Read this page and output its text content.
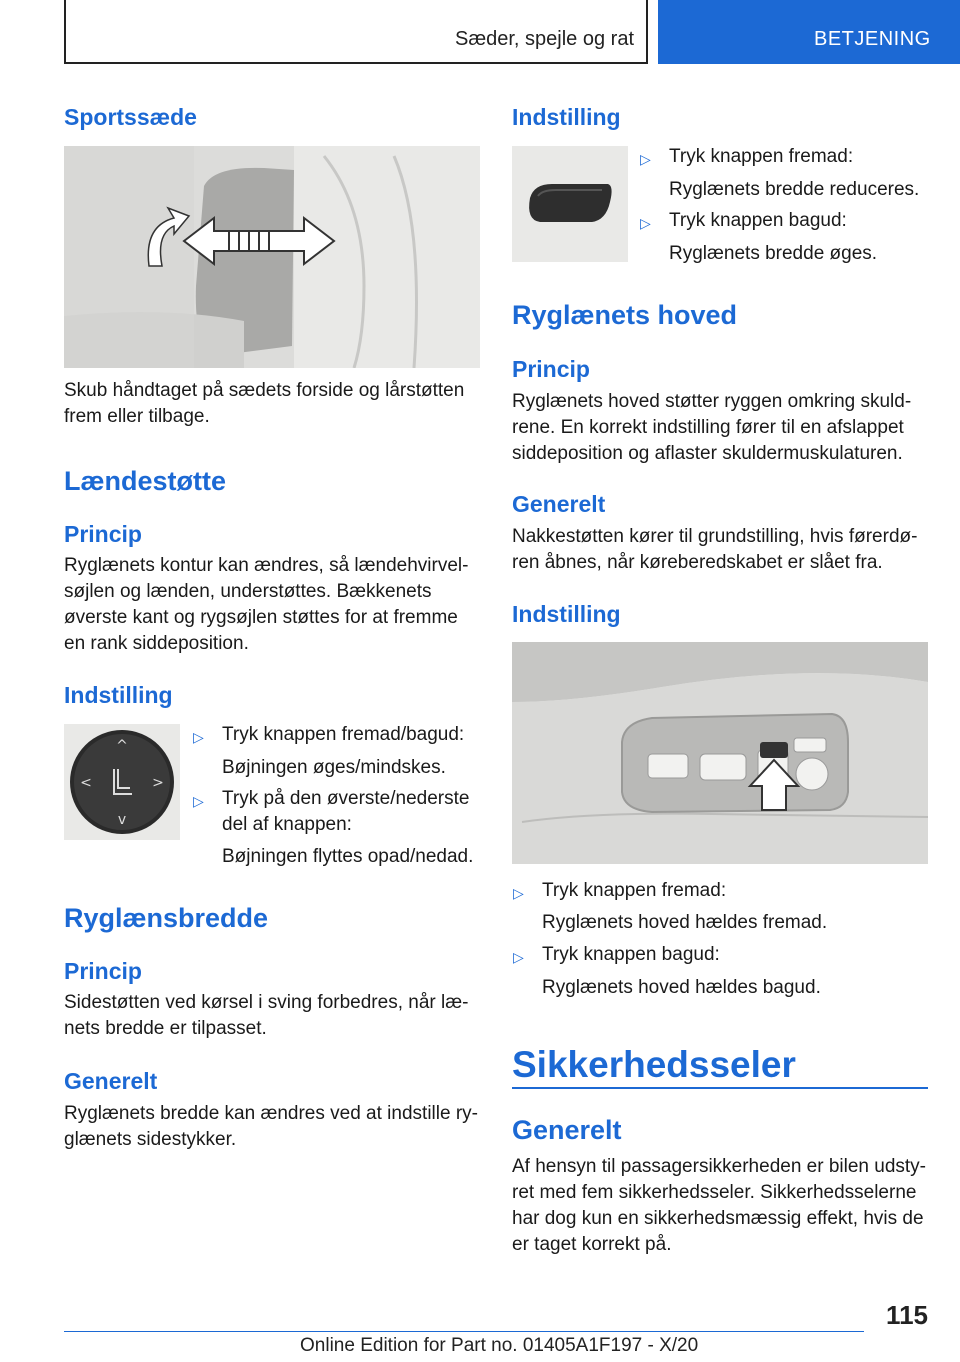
Sæder, spejle og rat	BETJENING
Sportssæde

Skub håndtaget på sædets forside og lårstøtten frem eller tilbage.

Lændestøtte
Princip

Ryglænets kontur kan ændres, så lændehvirvel-søjlen og lænden, understøttes. Bækkenets øverste kant og rygsøjlen støttes for at fremme en rank siddeposition.

Indstilling
^
v
<	>
▷ Tryk knappen fremad/bagud:
Bøjningen øges/mindskes.
▷ Tryk på den øverste/nederste del af knappen:
Bøjningen flyttes opad/nedad.
Ryglænsbredde
Princip

Sidestøtten ved kørsel i sving forbedres, når læ-nets bredde er tilpasset.

Generelt

Ryglænets bredde kan ændres ved at indstille ry-glænets sidestykker.

Indstilling
▷ Tryk knappen fremad:
Ryglænets bredde reduceres.
▷ Tryk knappen bagud:
Ryglænets bredde øges.
Ryglænets hoved
Princip

Ryglænets hoved støtter ryggen omkring skuld-rene. En korrekt indstilling fører til en afslappet siddeposition og aflaster skuldermuskulaturen.

Generelt

Nakkestøtten kører til grundstilling, hvis førerdø-ren åbnes, når køreberedskabet er slået fra.

Indstilling
▷ Tryk knappen fremad:
Ryglænets hoved hældes fremad.
▷ Tryk knappen bagud:
Ryglænets hoved hældes bagud.
Sikkerhedsseler
Generelt

Af hensyn til passagersikkerheden er bilen udsty-ret med fem sikkerhedsseler. Sikkerhedsselerne har dog kun en sikkerhedsmæssig effekt, hvis de er taget korrekt på.

115
Online Edition for Part no. 01405A1F197 - X/20
